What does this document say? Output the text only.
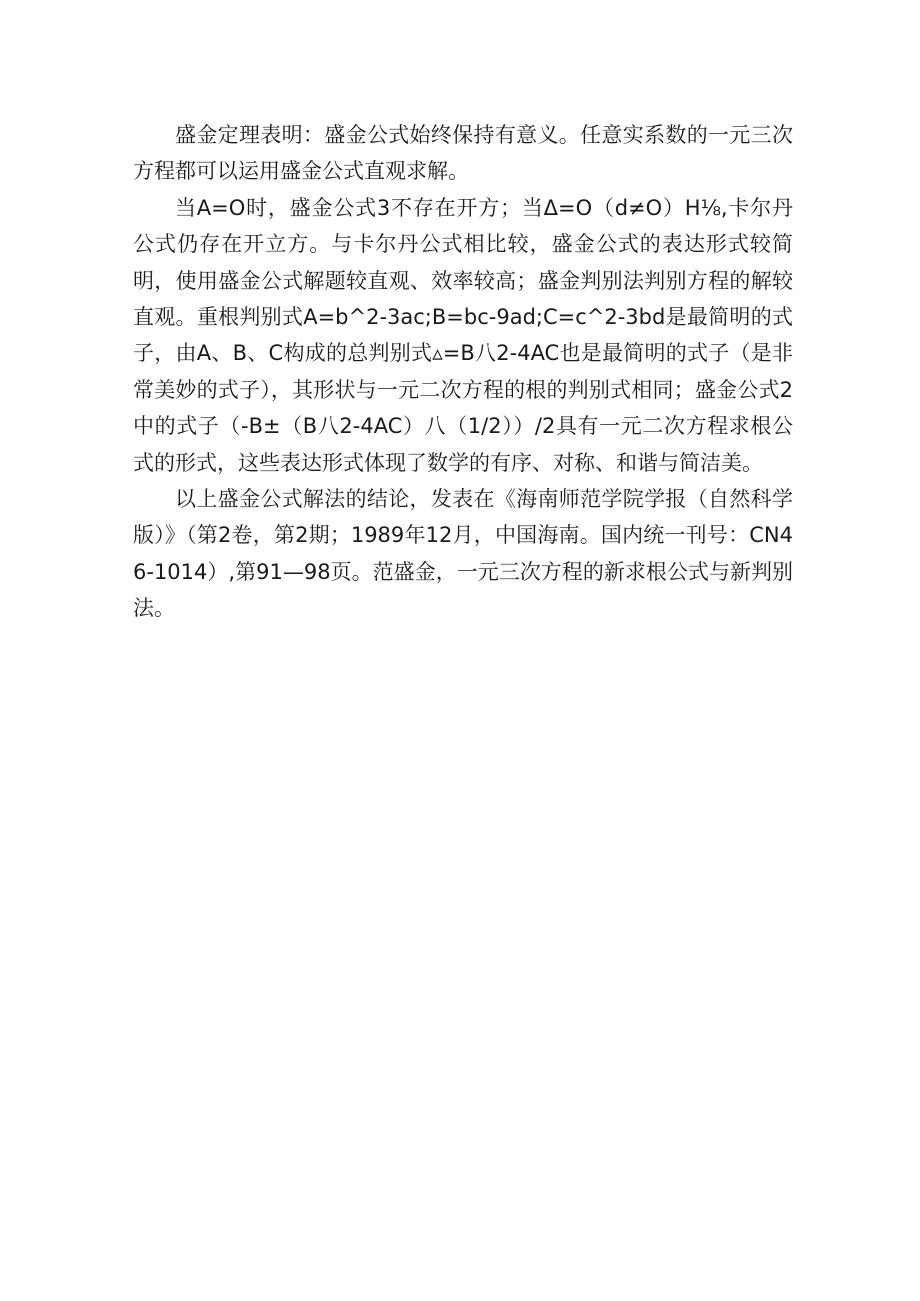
盛金定理表明：盛金公式始终保持有意义。任意实系数的一元三次方程都可以运用盛金公式直观求解。

当A=O时，盛金公式3不存在开方；当Δ=O（d≠O）H⅛,卡尔丹公式仍存在开立方。与卡尔丹公式相比较，盛金公式的表达形式较简明，使用盛金公式解题较直观、效率较高；盛金判别法判别方程的解较直观。重根判别式A=b^2-3ac;B=bc-9ad;C=c^2-3bd是最简明的式子，由A、B、C构成的总判别式▵=B八2-4AC也是最简明的式子（是非常美妙的式子），其形状与一元二次方程的根的判别式相同；盛金公式2中的式子（-B±（B八2-4AC）八（1/2））/2具有一元二次方程求根公式的形式，这些表达形式体现了数学的有序、对称、和谐与简洁美。

以上盛金公式解法的结论，发表在《海南师范学院学报（自然科学版）》（第2卷，第2期；1989年12月，中国海南。国内统一刊号：CN46-1014）,第91—98页。范盛金，一元三次方程的新求根公式与新判别法。
